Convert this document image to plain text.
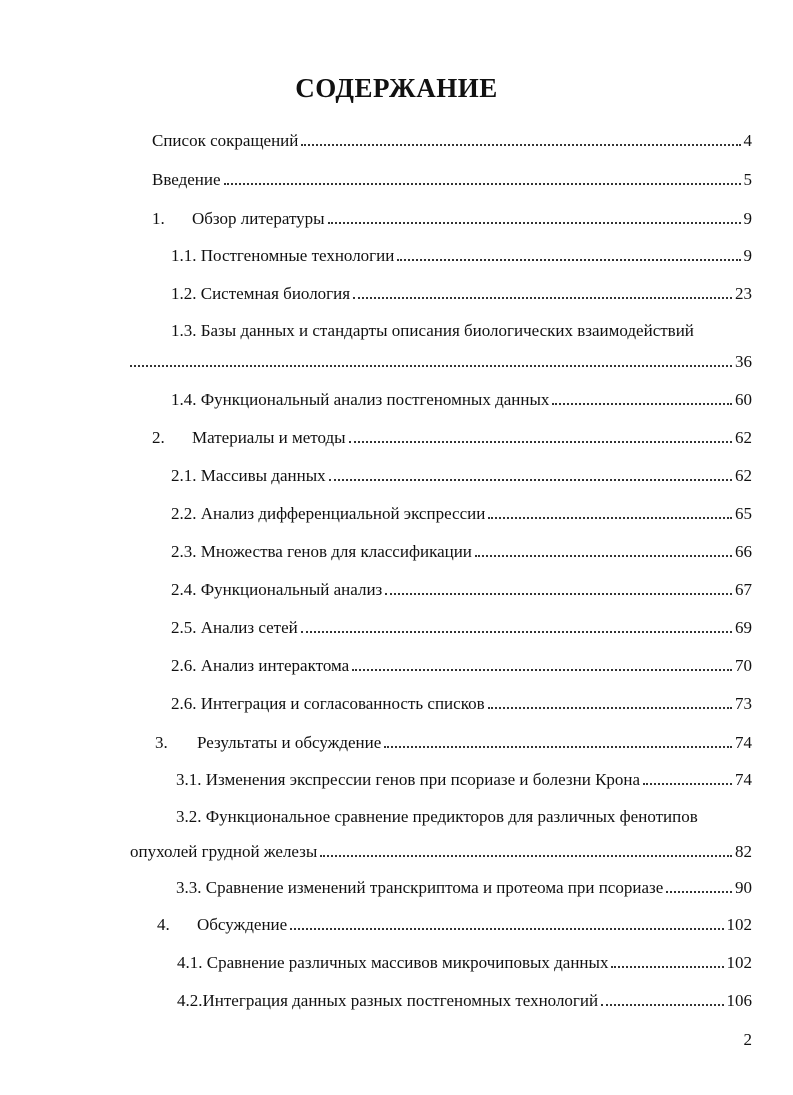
СОДЕРЖАНИЕ
Список сокращений	4
Введение	5
1.	Обзор литературы	9
1.1. Постгеномные технологии	9
1.2. Системная биология	23
1.3. Базы данных и стандарты описания биологических взаимодействий
36
1.4. Функциональный анализ постгеномных данных	60
2.	Материалы и методы	62
2.1. Массивы данных	62
2.2. Анализ дифференциальной экспрессии	65
2.3. Множества генов для классификации	66
2.4. Функциональный анализ	67
2.5. Анализ сетей	69
2.6. Анализ интерактома	70
2.6. Интеграция и согласованность списков	73
3.	Результаты и обсуждение	74
3.1. Изменения экспрессии генов при псориазе и болезни Крона	74
3.2. Функциональное сравнение предикторов для различных фенотипов
опухолей грудной железы	82
3.3. Сравнение изменений транскриптома и протеома при псориазе	90
4.	Обсуждение	102
4.1. Сравнение различных массивов микрочиповых данных	102
4.2.Интеграция данных разных постгеномных технологий	106
2
